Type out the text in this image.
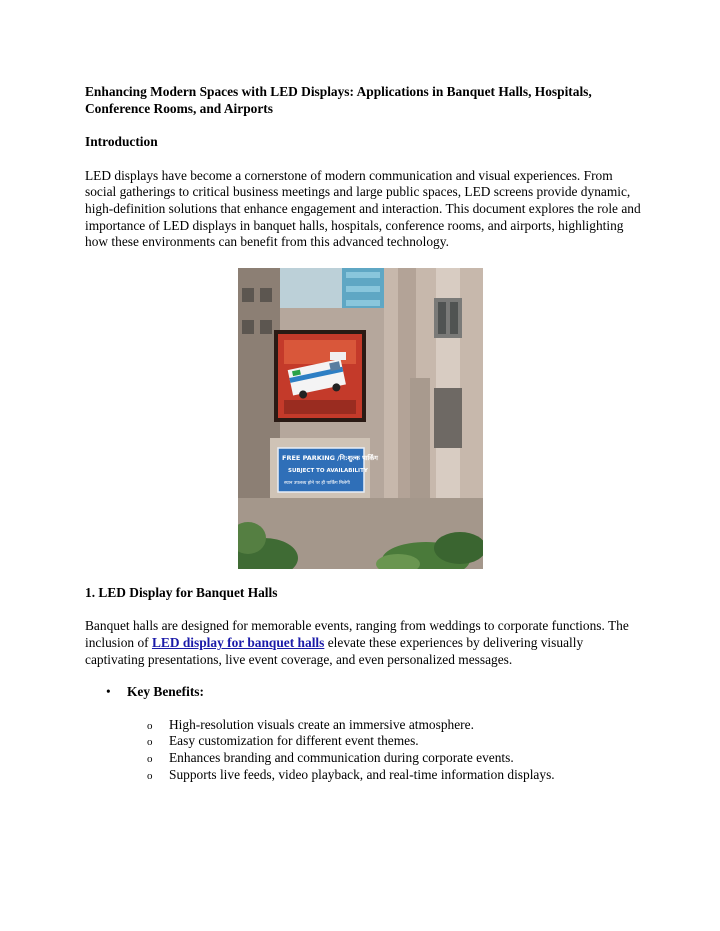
Enhancing Modern Spaces with LED Displays: Applications in Banquet Halls, Hospitals, Conference Rooms, and Airports

Introduction

LED displays have become a cornerstone of modern communication and visual experiences. From social gatherings to critical business meetings and large public spaces, LED screens provide dynamic, high-definition solutions that enhance engagement and interaction. This document explores the role and importance of LED displays in banquet halls, hospitals, conference rooms, and airports, highlighting how these environments can benefit from this advanced technology.

FREE PARKING /नि:शुल्क पार्किंग
SUBJECT TO AVAILABILITY
स्थान उपलब्ध होने पर ही पार्किंग मिलेगी

1. LED Display for Banquet Halls

Banquet halls are designed for memorable events, ranging from weddings to corporate functions. The inclusion of LED display for banquet halls elevate these experiences by delivering visually captivating presentations, live event coverage, and even personalized messages.

• Key Benefits:
o High-resolution visuals create an immersive atmosphere.
o Easy customization for different event themes.
o Enhances branding and communication during corporate events.
o Supports live feeds, video playback, and real-time information displays.
